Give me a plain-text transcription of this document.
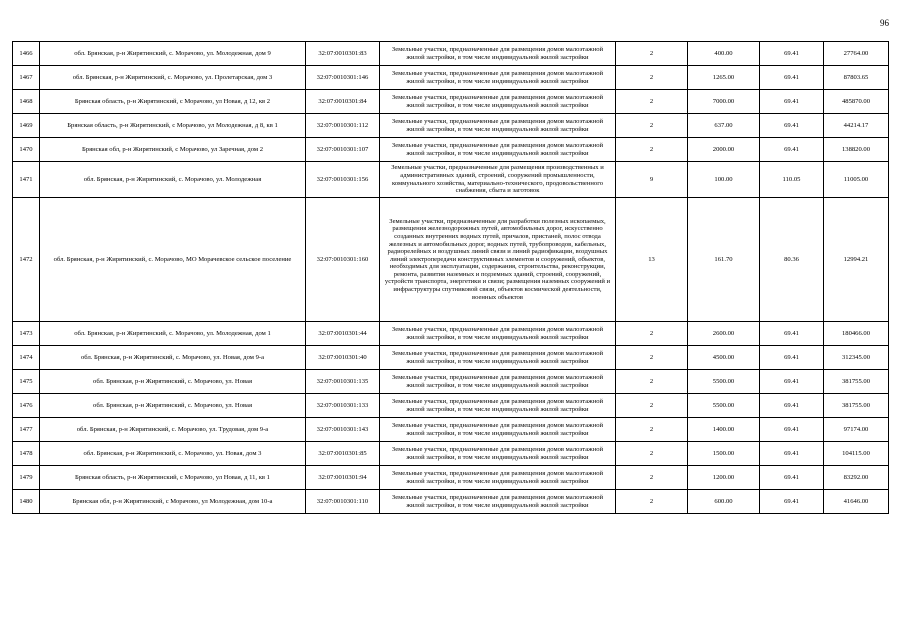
96
1466	обл. Брянская, р-н Жирятинский, с. Морачово, ул. Молодежная, дом 9	32:07:0010301:83	Земельные участки, предназначенные для размещения домов малоэтажной жилой застройки, в том числе индивидуальной жилой застройки	2	400.00	69.41	27764.00
1467	обл. Брянская, р-н Жирятинский, с. Морачово, ул. Пролетарская, дом 3	32:07:0010301:146	Земельные участки, предназначенные для размещения домов малоэтажной жилой застройки, в том числе индивидуальной жилой застройки	2	1265.00	69.41	87803.65
1468	Брянская область, р-н Жирятинский, с Морачово, ул Новая, д 12, кв 2	32:07:0010301:84	Земельные участки, предназначенные для размещения домов малоэтажной жилой застройки, в том числе индивидуальной жилой застройки	2	7000.00	69.41	485870.00
1469	Брянская область, р-н Жирятинский, с Морачово, ул Молодежная, д 8, кв 1	32:07:0010301:112	Земельные участки, предназначенные для размещения домов малоэтажной жилой застройки, в том числе индивидуальной жилой застройки	2	637.00	69.41	44214.17
1470	Брянская обл, р-н Жирятинский, с Морачово, ул Заречная, дом 2	32:07:0010301:107	Земельные участки, предназначенные для размещения домов малоэтажной жилой застройки, в том числе индивидуальной жилой застройки	2	2000.00	69.41	138820.00
1471	обл. Брянская, р-н Жирятинский, с. Морачово, ул. Молодежная	32:07:0010301:156	Земельные участки, предназначенные для размещения производственных и административных зданий, строений, сооружений промышленности, коммунального хозяйства, материально-технического, продовольственного снабжения, сбыта и заготовок	9	100.00	110.05	11005.00
1472	обл. Брянская, р-н Жирятинский, с. Морачово, МО Морачевское сельское поселение	32:07:0010301:160	Земельные участки, предназначенные для разработки полезных ископаемых, размещения железнодорожных путей, автомобильных дорог, искусственно созданных внутренних водных путей, причалов, пристаней, полос отвода железных и автомобильных дорог, водных путей, трубопроводов, кабельных, радиорелейных и воздушных линий связи и линий радиофикации, воздушных линий электропередачи конструктивных элементов и сооружений, объектов, необходимых для эксплуатации, содержания, строительства, реконструкции, ремонта, развития наземных и подземных зданий, строений, сооружений, устройств транспорта, энергетики и связи; размещения наземных сооружений и инфраструктуры спутниковой связи, объектов космической деятельности, военных объектов	13	161.70	80.36	12994.21
1473	обл. Брянская, р-н Жирятинский, с. Морачово, ул. Молодежная, дом 1	32:07:0010301:44	Земельные участки, предназначенные для размещения домов малоэтажной жилой застройки, в том числе индивидуальной жилой застройки	2	2600.00	69.41	180466.00
1474	обл. Брянская, р-н Жирятинский, с. Морачово, ул. Новая, дом 9-а	32:07:0010301:40	Земельные участки, предназначенные для размещения домов малоэтажной жилой застройки, в том числе индивидуальной жилой застройки	2	4500.00	69.41	312345.00
1475	обл. Брянская, р-н Жирятинский, с. Морачово, ул. Новая	32:07:0010301:135	Земельные участки, предназначенные для размещения домов малоэтажной жилой застройки, в том числе индивидуальной жилой застройки	2	5500.00	69.41	381755.00
1476	обл. Брянская, р-н Жирятинский, с. Морачово, ул. Новая	32:07:0010301:133	Земельные участки, предназначенные для размещения домов малоэтажной жилой застройки, в том числе индивидуальной жилой застройки	2	5500.00	69.41	381755.00
1477	обл. Брянская, р-н Жирятинский, с. Морачово, ул. Трудовая, дом 9-а	32:07:0010301:143	Земельные участки, предназначенные для размещения домов малоэтажной жилой застройки, в том числе индивидуальной жилой застройки	2	1400.00	69.41	97174.00
1478	обл. Брянская, р-н Жирятинский, с. Морачово, ул. Новая, дом 3	32:07:0010301:85	Земельные участки, предназначенные для размещения домов малоэтажной жилой застройки, в том числе индивидуальной жилой застройки	2	1500.00	69.41	104115.00
1479	Брянская область, р-н Жирятинский, с Морачово, ул Новая, д 11, кв 1	32:07:0010301:94	Земельные участки, предназначенные для размещения домов малоэтажной жилой застройки, в том числе индивидуальной жилой застройки	2	1200.00	69.41	83292.00
1480	Брянская обл, р-н Жирятинский, с Морачово, ул Молодежная, дом 10-а	32:07:0010301:110	Земельные участки, предназначенные для размещения домов малоэтажной жилой застройки, в том числе индивидуальной жилой застройки	2	600.00	69.41	41646.00
